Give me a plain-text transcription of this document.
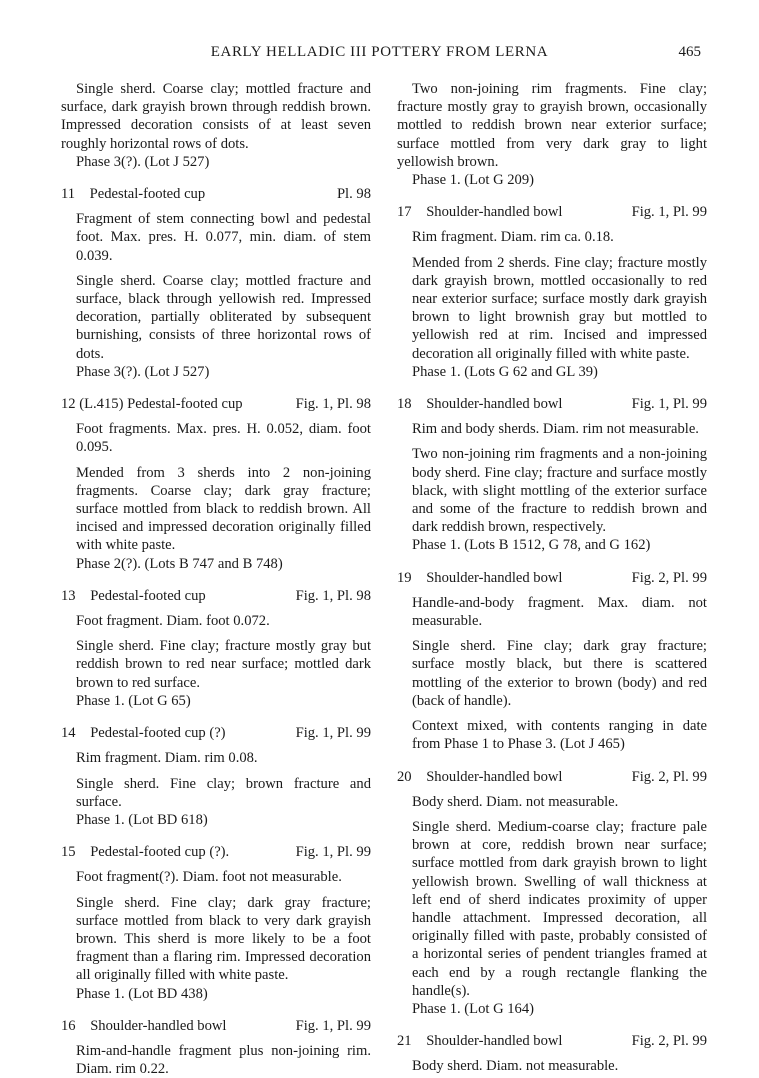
EARLY HELLADIC III POTTERY FROM LERNA	465

Single sherd. Coarse clay; mottled fracture and surface, dark grayish brown through reddish brown. Impressed decoration consists of at least seven roughly horizontal rows of dots.

Phase 3(?). (Lot J 527)

11 Pedestal-footed cup	Pl. 98

Fragment of stem connecting bowl and pedestal foot. Max. pres. H. 0.077, min. diam. of stem 0.039.

Single sherd. Coarse clay; mottled fracture and surface, black through yellowish red. Impressed decoration, partially obliterated by subsequent burnishing, consists of three horizontal rows of dots.

Phase 3(?). (Lot J 527)

12 (L.415) Pedestal-footed cup	Fig. 1, Pl. 98

Foot fragments. Max. pres. H. 0.052, diam. foot 0.095.

Mended from 3 sherds into 2 non-joining fragments. Coarse clay; dark gray fracture; surface mottled from black to reddish brown. All incised and impressed decoration originally filled with white paste.

Phase 2(?). (Lots B 747 and B 748)

13 Pedestal-footed cup	Fig. 1, Pl. 98

Foot fragment. Diam. foot 0.072.

Single sherd. Fine clay; fracture mostly gray but reddish brown to red near surface; mottled dark brown to red surface.

Phase 1. (Lot G 65)

14 Pedestal-footed cup (?)	Fig. 1, Pl. 99

Rim fragment. Diam. rim 0.08.

Single sherd. Fine clay; brown fracture and surface.

Phase 1. (Lot BD 618)

15 Pedestal-footed cup (?).	Fig. 1, Pl. 99

Foot fragment(?). Diam. foot not measurable.

Single sherd. Fine clay; dark gray fracture; surface mottled from black to very dark grayish brown. This sherd is more likely to be a foot fragment than a flaring rim. Impressed decoration all originally filled with white paste.

Phase 1. (Lot BD 438)

16 Shoulder-handled bowl	Fig. 1, Pl. 99

Rim-and-handle fragment plus non-joining rim. Diam. rim 0.22.

Two non-joining rim fragments. Fine clay; fracture mostly gray to grayish brown, occasionally mottled to reddish brown near exterior surface; surface mottled from very dark gray to light yellowish brown.

Phase 1. (Lot G 209)

17 Shoulder-handled bowl	Fig. 1, Pl. 99

Rim fragment. Diam. rim ca. 0.18.

Mended from 2 sherds. Fine clay; fracture mostly dark grayish brown, mottled occasionally to red near exterior surface; surface mostly dark grayish brown to light brownish gray but mottled to yellowish red at rim. Incised and impressed decoration all originally filled with white paste.

Phase 1. (Lots G 62 and GL 39)

18 Shoulder-handled bowl	Fig. 1, Pl. 99

Rim and body sherds. Diam. rim not measurable.

Two non-joining rim fragments and a non-joining body sherd. Fine clay; fracture and surface mostly black, with slight mottling of the exterior surface and some of the fracture to reddish brown and dark reddish brown, respectively.

Phase 1. (Lots B 1512, G 78, and G 162)

19 Shoulder-handled bowl	Fig. 2, Pl. 99

Handle-and-body fragment. Max. diam. not measurable.

Single sherd. Fine clay; dark gray fracture; surface mostly black, but there is scattered mottling of the exterior to brown (body) and red (back of handle).

Context mixed, with contents ranging in date from Phase 1 to Phase 3. (Lot J 465)

20 Shoulder-handled bowl	Fig. 2, Pl. 99

Body sherd. Diam. not measurable.

Single sherd. Medium-coarse clay; fracture pale brown at core, reddish brown near surface; surface mottled from dark grayish brown to light yellowish brown. Swelling of wall thickness at left end of sherd indicates proximity of upper handle attachment. Impressed decoration, all originally filled with paste, probably consisted of a horizontal series of pendent triangles framed at each end by a rough rectangle flanking the handle(s).

Phase 1. (Lot G 164)

21 Shoulder-handled bowl	Fig. 2, Pl. 99

Body sherd. Diam. not measurable.
